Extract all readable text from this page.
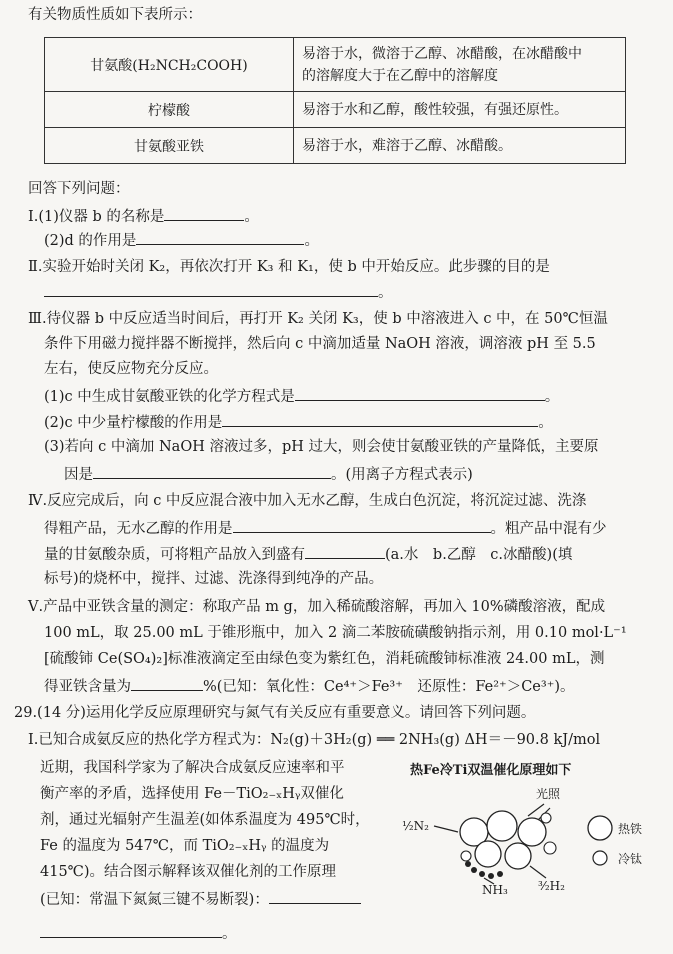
有关物质性质如下表所示：
甘氨酸(H₂NCH₂COOH)	易溶于水，微溶于乙醇、冰醋酸，在冰醋酸中
的溶解度大于在乙醇中的溶解度

柠檬酸	易溶于水和乙醇，酸性较强，有强还原性。
甘氨酸亚铁	易溶于水，难溶于乙醇、冰醋酸。
回答下列问题：
Ⅰ.(1)仪器 b 的名称是	。
(2)d 的作用是	。
Ⅱ.实验开始时关闭 K₂，再依次打开 K₃ 和 K₁，使 b 中开始反应。此步骤的目的是
。
Ⅲ.待仪器 b 中反应适当时间后，再打开 K₂ 关闭 K₃，使 b 中溶液进入 c 中，在 50℃恒温
条件下用磁力搅拌器不断搅拌，然后向 c 中滴加适量 NaOH 溶液，调溶液 pH 至 5.5
左右，使反应物充分反应。
(1)c 中生成甘氨酸亚铁的化学方程式是	。
(2)c 中少量柠檬酸的作用是	。
(3)若向 c 中滴加 NaOH 溶液过多，pH 过大，则会使甘氨酸亚铁的产量降低，主要原
因是	。(用离子方程式表示)
Ⅳ.反应完成后，向 c 中反应混合液中加入无水乙醇，生成白色沉淀，将沉淀过滤、洗涤
得粗产品，无水乙醇的作用是	。粗产品中混有少
量的甘氨酸杂质，可将粗产品放入到盛有	(a.水　b.乙醇　c.冰醋酸)(填
标号)的烧杯中，搅拌、过滤、洗涤得到纯净的产品。
Ⅴ.产品中亚铁含量的测定：称取产品 m g，加入稀硫酸溶解，再加入 10%磷酸溶液，配成
100 mL，取 25.00 mL 于锥形瓶中，加入 2 滴二苯胺硫磺酸钠指示剂，用 0.10 mol·L⁻¹
[硫酸铈 Ce(SO₄)₂]标准液滴定至由绿色变为紫红色，消耗硫酸铈标准液 24.00 mL，测
得亚铁含量为	%(已知：氧化性：Ce⁴⁺＞Fe³⁺　还原性：Fe²⁺＞Ce³⁺)。
29.(14 分)运用化学反应原理研究与氮气有关反应有重要意义。请回答下列问题。
Ⅰ.已知合成氨反应的热化学方程式为：N₂(g)＋3H₂(g) ══ 2NH₃(g) ΔH＝－90.8 kJ/mol
近期，我国科学家为了解决合成氨反应速率和平
衡产率的矛盾，选择使用 Fe－TiO₂₋ₓHᵧ双催化
剂，通过光辐射产生温差(如体系温度为 495℃时，
Fe 的温度为 547℃，而 TiO₂₋ₓHᵧ 的温度为
415℃)。结合图示解释该双催化剂的工作原理
(已知：常温下氮氮三键不易断裂)：
。
热Fe冷Ti双温催化原理如下
光照
½N₂
NH₃	³⁄₂H₂
热铁
冷钛
